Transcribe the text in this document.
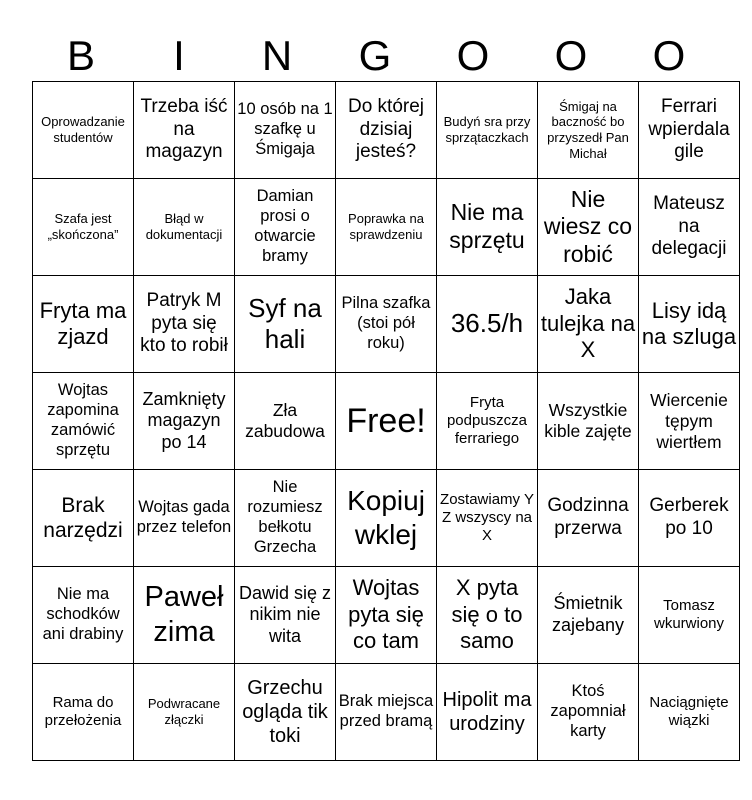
B	I	N	G	O	O	O
Oprowadzanie studentów	Trzeba iść na magazyn	10 osób na 1 szafkę u Śmigaja	Do której dzisiaj jesteś?	Budyń sra przy sprzątaczkach	Śmigaj na baczność bo przyszedł Pan Michał	Ferrari wpierdala gile
Szafa jest „skończona”	Błąd w dokumentacji	Damian prosi o otwarcie bramy	Poprawka na sprawdzeniu	Nie ma sprzętu	Nie wiesz co robić	Mateusz na delegacji
Fryta ma zjazd	Patryk M pyta się kto to robił	Syf na hali	Pilna szafka (stoi pół roku)	36.5/h	Jaka tulejka na X	Lisy idą na szluga
Wojtas zapomina zamówić sprzętu	Zamknięty magazyn po 14	Zła zabudowa	Free!	Fryta podpuszcza ferrariego	Wszystkie kible zajęte	Wiercenie tępym wiertłem
Brak narzędzi	Wojtas gada przez telefon	Nie rozumiesz bełkotu Grzecha	Kopiuj wklej	Zostawiamy Y Z wszyscy na X	Godzinna przerwa	Gerberek po 10
Nie ma schodków ani drabiny	Paweł zima	Dawid się z nikim nie wita	Wojtas pyta się co tam	X pyta się o to samo	Śmietnik zajebany	Tomasz wkurwiony
Rama do przełożenia	Podwracane złączki	Grzechu ogląda tik toki	Brak miejsca przed bramą	Hipolit ma urodziny	Ktoś zapomniał karty	Naciągnięte wiązki
